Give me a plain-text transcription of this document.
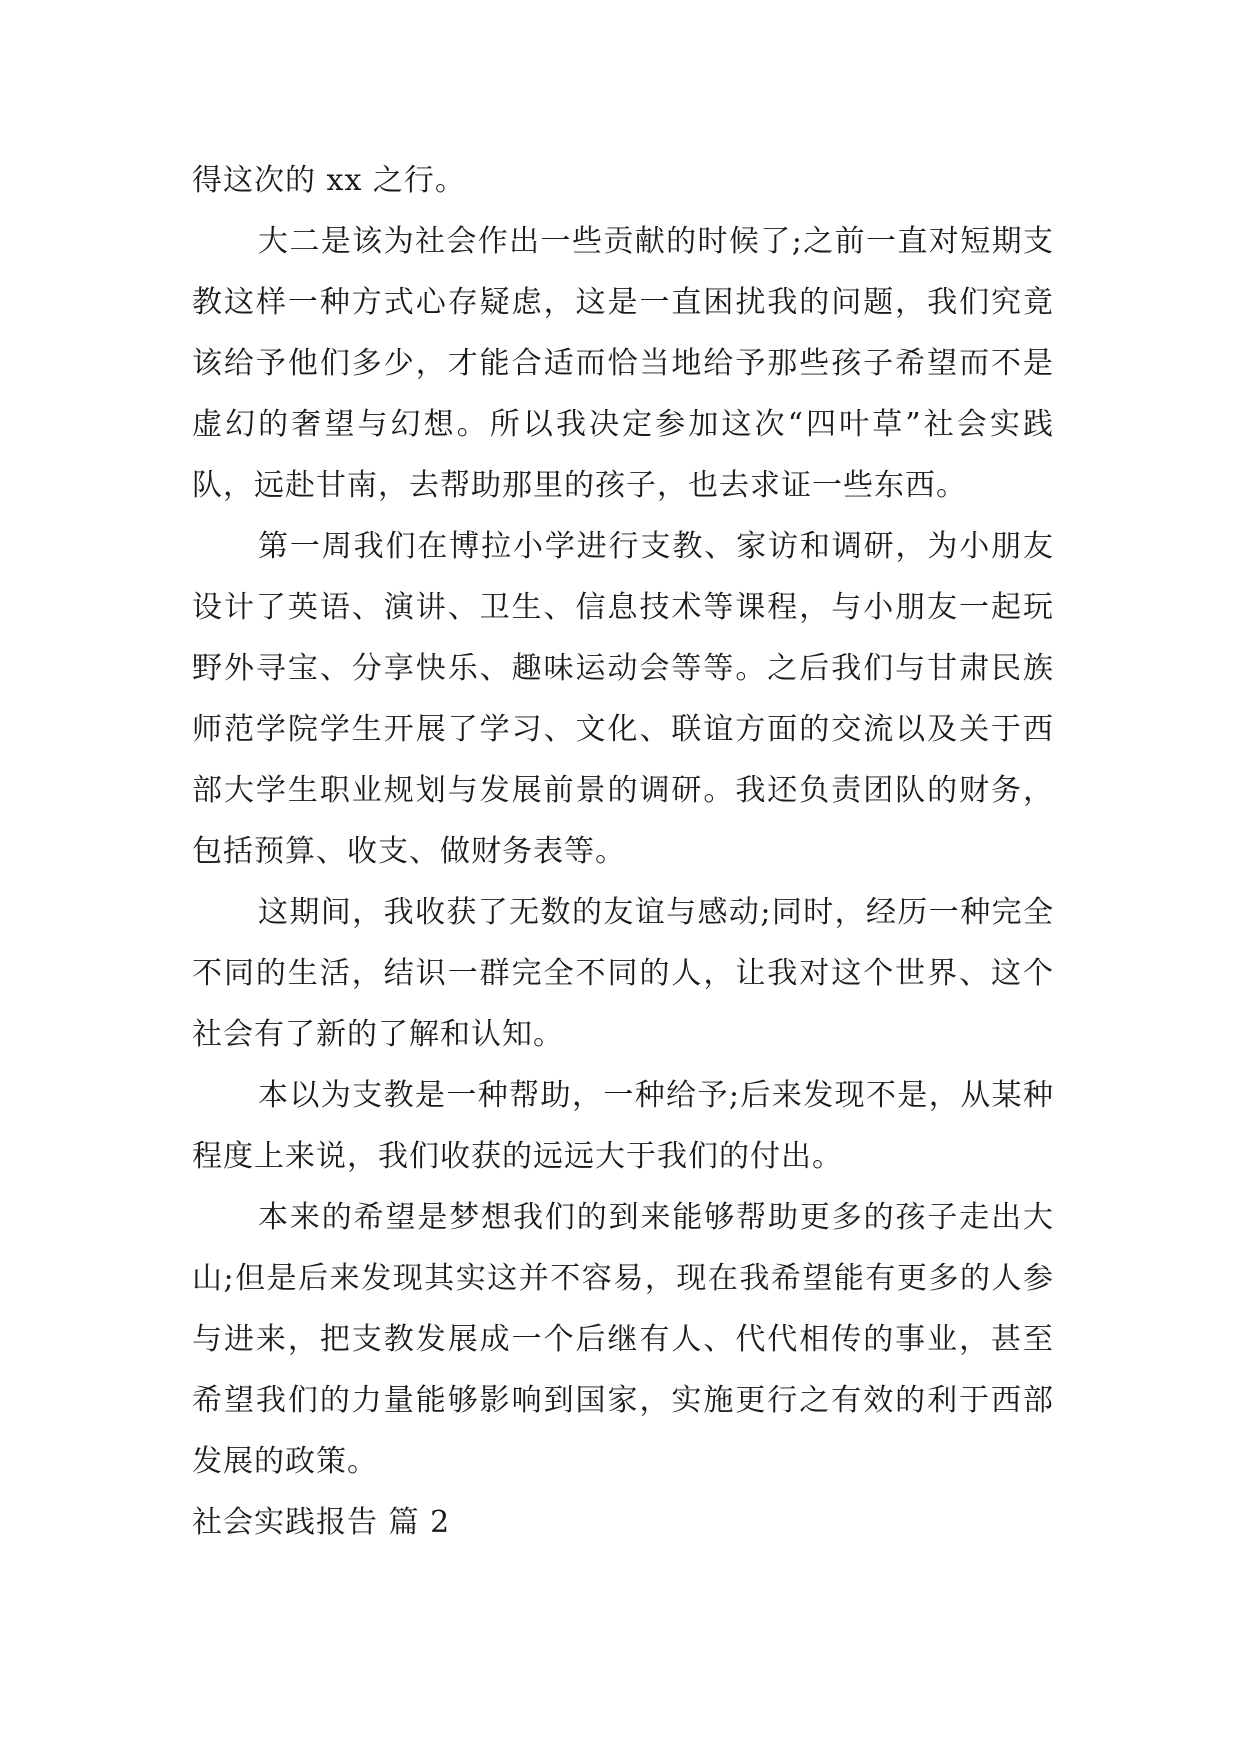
得这次的 xx 之行。

大二是该为社会作出一些贡献的时候了;之前一直对短期支教这样一种方式心存疑虑，这是一直困扰我的问题，我们究竟该给予他们多少，才能合适而恰当地给予那些孩子希望而不是虚幻的奢望与幻想。所以我决定参加这次“四叶草”社会实践队，远赴甘南，去帮助那里的孩子，也去求证一些东西。

第一周我们在博拉小学进行支教、家访和调研，为小朋友设计了英语、演讲、卫生、信息技术等课程，与小朋友一起玩野外寻宝、分享快乐、趣味运动会等等。之后我们与甘肃民族师范学院学生开展了学习、文化、联谊方面的交流以及关于西部大学生职业规划与发展前景的调研。我还负责团队的财务，包括预算、收支、做财务表等。

这期间，我收获了无数的友谊与感动;同时，经历一种完全不同的生活，结识一群完全不同的人，让我对这个世界、这个社会有了新的了解和认知。

本以为支教是一种帮助，一种给予;后来发现不是，从某种程度上来说，我们收获的远远大于我们的付出。

本来的希望是梦想我们的到来能够帮助更多的孩子走出大山;但是后来发现其实这并不容易，现在我希望能有更多的人参与进来，把支教发展成一个后继有人、代代相传的事业，甚至希望我们的力量能够影响到国家，实施更行之有效的利于西部发展的政策。

社会实践报告 篇 2
